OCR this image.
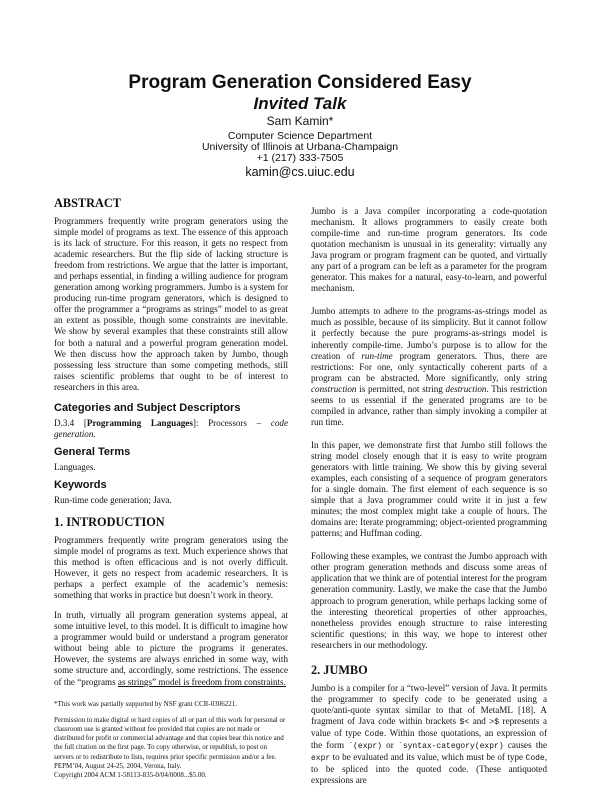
Program Generation Considered Easy
Invited Talk
Sam Kamin*
Computer Science Department
University of Illinois at Urbana-Champaign
+1 (217) 333-7505
kamin@cs.uiuc.edu
ABSTRACT

Programmers frequently write program generators using the simple model of programs as text. The essence of this approach is its lack of structure. For this reason, it gets no respect from academic researchers. But the flip side of lacking structure is freedom from restrictions. We argue that the latter is important, and perhaps essential, in finding a willing audience for program generation among working programmers. Jumbo is a system for producing run-time program generators, which is designed to offer the programmer a “programs as strings” model to as great an extent as possible, though some constraints are inevitable. We show by several examples that these constraints still allow for both a natural and a powerful program generation model. We then discuss how the approach taken by Jumbo, though possessing less structure than some competing methods, still raises scientific problems that ought to be of interest to researchers in this area.

Categories and Subject Descriptors

D.3.4 [Programming Languages]: Processors – code generation.

General Terms

Languages.

Keywords

Run-time code generation; Java.

1. INTRODUCTION

Programmers frequently write program generators using the simple model of programs as text. Much experience shows that this method is often efficacious and is not overly difficult. However, it gets no respect from academic researchers. It is perhaps a perfect example of the academic’s nemesis: something that works in practice but doesn’t work in theory.

In truth, virtually all program generation systems appeal, at some intuitive level, to this model. It is difficult to imagine how a programmer would build or understand a program generator without being able to picture the programs it generates. However, the systems are always enriched in some way, with some structure and, accordingly, some restrictions. The essence of the “programs as strings” model is freedom from constraints.

*This work was partially supported by NSF grant CCR-0306221.

Permission to make digital or hard copies of all or part of this work for personal or classroom use is granted without fee provided that copies are not made or distributed for profit or commercial advantage and that copies bear this notice and the full citation on the first page. To copy otherwise, or republish, to post on servers or to redistribute to lists, requires prior specific permission and/or a fee.

PEPM’04, August 24-25, 2004, Verona, Italy.

Copyright 2004 ACM 1-58113-835-0/04/0008...$5.00.

Jumbo is a Java compiler incorporating a code-quotation mechanism. It allows programmers to easily create both compile-time and run-time program generators. Its code quotation mechanism is unusual in its generality: virtually any Java program or program fragment can be quoted, and virtually any part of a program can be left as a parameter for the program generator. This makes for a natural, easy-to-learn, and powerful mechanism.

Jumbo attempts to adhere to the programs-as-strings model as much as possible, because of its simplicity. But it cannot follow it perfectly because the pure programs-as-strings model is inherently compile-time. Jumbo’s purpose is to allow for the creation of run-time program generators. Thus, there are restrictions: For one, only syntactically coherent parts of a program can be abstracted. More significantly, only string construction is permitted, not string destruction. This restriction seems to us essential if the generated programs are to be compiled in advance, rather than simply invoking a compiler at run time.

In this paper, we demonstrate first that Jumbo still follows the string model closely enough that it is easy to write program generators with little training. We show this by giving several examples, each consisting of a sequence of program generators for a single domain. The first element of each sequence is so simple that a Java programmer could write it in just a few minutes; the most complex might take a couple of hours. The domains are: Iterate programming; object-oriented programming patterns; and Huffman coding.

Following these examples, we contrast the Jumbo approach with other program generation methods and discuss some areas of application that we think are of potential interest for the program generation community. Lastly, we make the case that the Jumbo approach to program generation, while perhaps lacking some of the interesting theoretical properties of other approaches, nonetheless provides enough structure to raise interesting scientific questions; in this way, we hope to interest other researchers in our methodology.

2. JUMBO

Jumbo is a compiler for a “two-level” version of Java. It permits the programmer to specify code to be generated using a quote/anti-quote syntax similar to that of MetaML [18]. A fragment of Java code within brackets $< and >$ represents a value of type Code. Within those quotations, an expression of the form `(expr) or `syntax-category(expr) causes the expr to be evaluated and its value, which must be of type Code, to be spliced into the quoted code. (These antiquoted expressions are
